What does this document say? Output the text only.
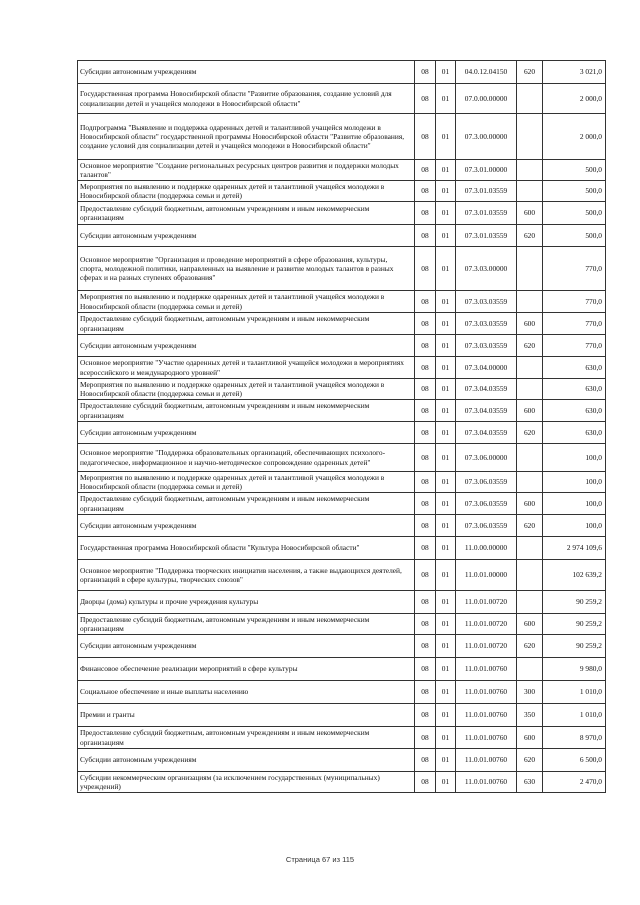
Субсидии автономным учреждениям	08	01	04.0.12.04150	620	3 021,0
Государственная программа Новосибирской области "Развитие образования, создание условий для социализации детей и учащейся молодежи в Новосибирской области"	08	01	07.0.00.00000		2 000,0
Подпрограмма "Выявление и поддержка одаренных детей и талантливой учащейся молодежи в Новосибирской области" государственной программы Новосибирской области "Развитие образования, создание условий для социализации детей и учащейся молодежи в Новосибирской области"	08	01	07.3.00.00000		2 000,0
Основное мероприятие "Создание региональных ресурсных центров развития и поддержки молодых талантов"	08	01	07.3.01.00000		500,0
Мероприятия по выявлению и поддержке одаренных детей и талантливой учащейся молодежи в Новосибирской области (поддержка семьи и детей)	08	01	07.3.01.03559		500,0
Предоставление субсидий бюджетным, автономным учреждениям и иным некоммерческим организациям	08	01	07.3.01.03559	600	500,0
Субсидии автономным учреждениям	08	01	07.3.01.03559	620	500,0
Основное мероприятие "Организация и проведение мероприятий в сфере образования, культуры, спорта, молодежной политики, направленных на выявление и развитие молодых талантов в разных сферах и на разных ступенях образования"	08	01	07.3.03.00000		770,0
Мероприятия по выявлению и поддержке одаренных детей и талантливой учащейся молодежи в Новосибирской области (поддержка семьи и детей)	08	01	07.3.03.03559		770,0
Предоставление субсидий бюджетным, автономным учреждениям и иным некоммерческим организациям	08	01	07.3.03.03559	600	770,0
Субсидии автономным учреждениям	08	01	07.3.03.03559	620	770,0
Основное мероприятие "Участие одаренных детей и талантливой учащейся молодежи в мероприятиях всероссийского и международного уровней"	08	01	07.3.04.00000		630,0
Мероприятия по выявлению и поддержке одаренных детей и талантливой учащейся молодежи в Новосибирской области (поддержка семьи и детей)	08	01	07.3.04.03559		630,0
Предоставление субсидий бюджетным, автономным учреждениям и иным некоммерческим организациям	08	01	07.3.04.03559	600	630,0
Субсидии автономным учреждениям	08	01	07.3.04.03559	620	630,0
Основное мероприятие "Поддержка образовательных организаций, обеспечивающих психолого-педагогическое, информационное и научно-методическое сопровождение одаренных детей"	08	01	07.3.06.00000		100,0
Мероприятия по выявлению и поддержке одаренных детей и талантливой учащейся молодежи в Новосибирской области (поддержка семьи и детей)	08	01	07.3.06.03559		100,0
Предоставление субсидий бюджетным, автономным учреждениям и иным некоммерческим организациям	08	01	07.3.06.03559	600	100,0
Субсидии автономным учреждениям	08	01	07.3.06.03559	620	100,0
Государственная программа Новосибирской области "Культура Новосибирской области"	08	01	11.0.00.00000		2 974 109,6
Основное мероприятие "Поддержка творческих инициатив населения, а также выдающихся деятелей, организаций в сфере культуры, творческих союзов"	08	01	11.0.01.00000		102 639,2
Дворцы (дома) культуры и прочие учреждения культуры	08	01	11.0.01.00720		90 259,2
Предоставление субсидий бюджетным, автономным учреждениям и иным некоммерческим организациям	08	01	11.0.01.00720	600	90 259,2
Субсидии автономным учреждениям	08	01	11.0.01.00720	620	90 259,2
Финансовое обеспечение реализации мероприятий в сфере культуры	08	01	11.0.01.00760		9 980,0
Социальное обеспечение и иные выплаты населению	08	01	11.0.01.00760	300	1 010,0
Премии и гранты	08	01	11.0.01.00760	350	1 010,0
Предоставление субсидий бюджетным, автономным учреждениям и иным некоммерческим организациям	08	01	11.0.01.00760	600	8 970,0
Субсидии автономным учреждениям	08	01	11.0.01.00760	620	6 500,0
Субсидии некоммерческим организациям (за исключением государственных (муниципальных) учреждений)	08	01	11.0.01.00760	630	2 470,0
Страница 67 из 115
